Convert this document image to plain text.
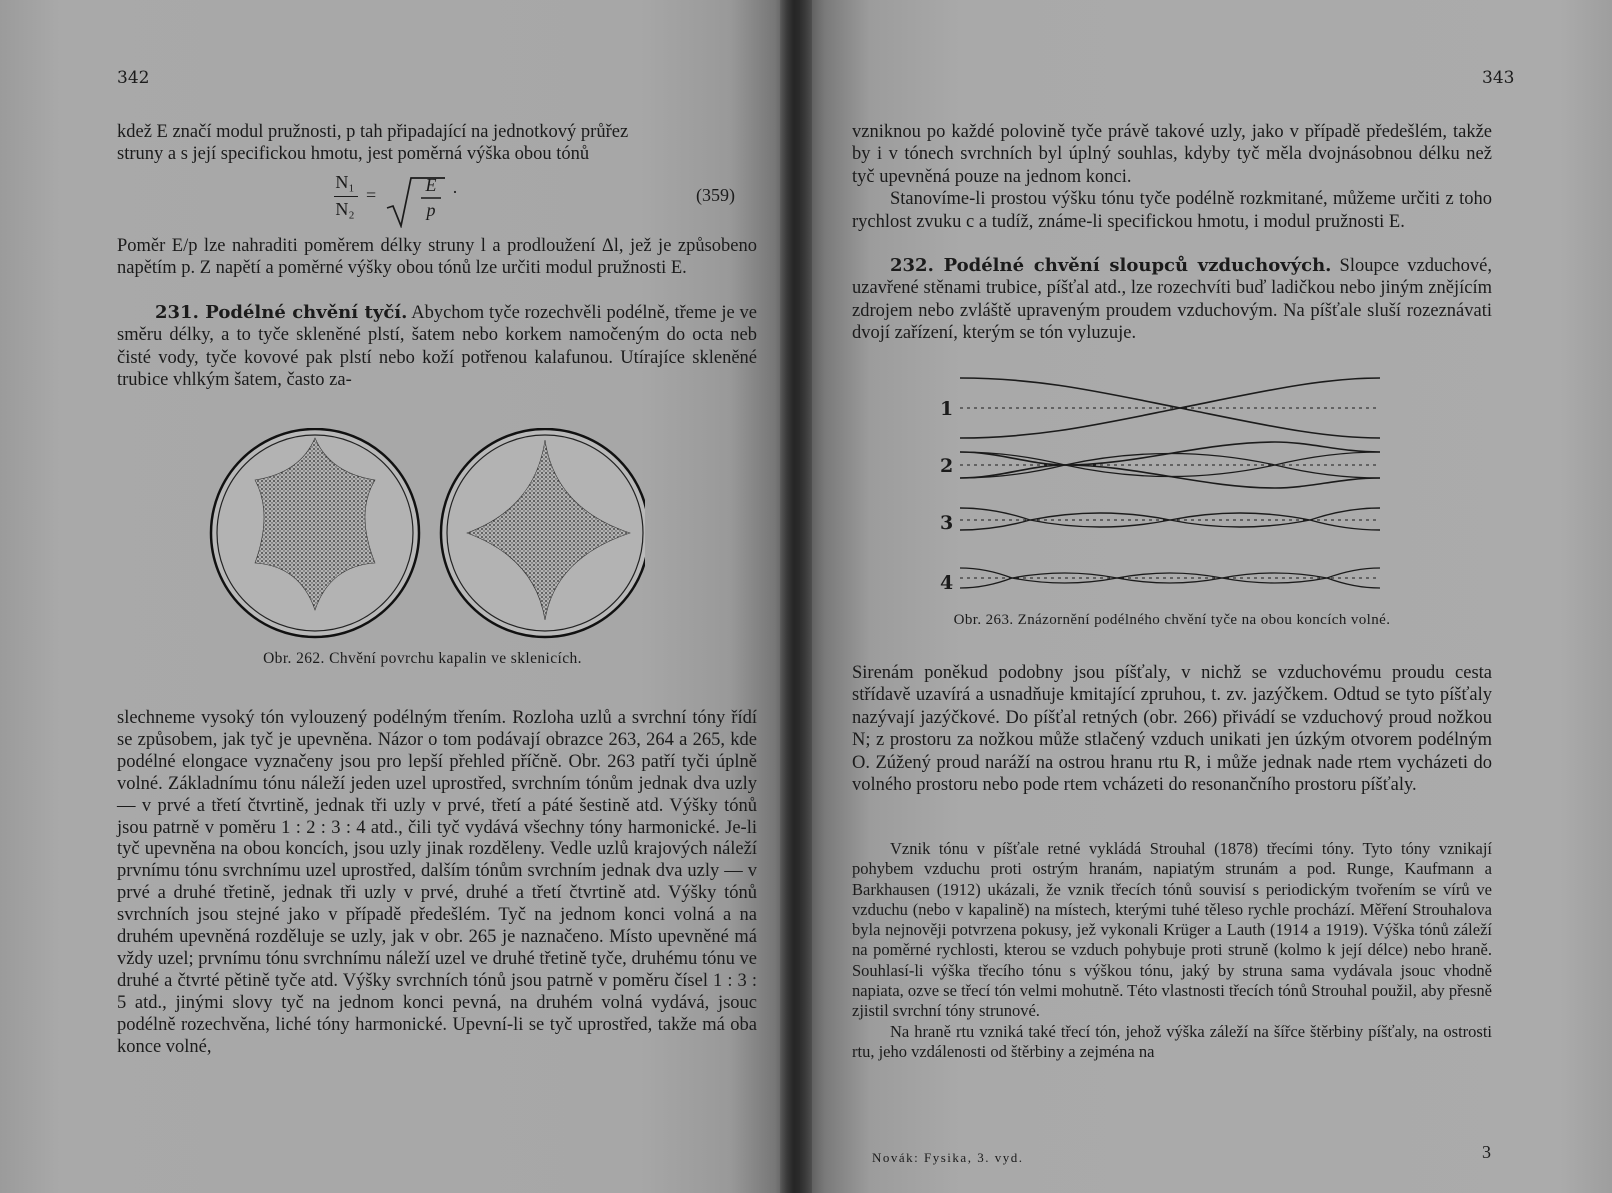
342

kdež E značí modul pružnosti, p tah připadající na jednotkový průřez

struny a s její specifickou hmotu, jest poměrná výška obou tónů

N₁
N₂
=	E
p
·	(359)

Poměr E/p lze nahraditi poměrem délky struny l a prodloužení Δl, jež je způsobeno napětím p. Z napětí a poměrné výšky obou tónů lze určiti modul pružnosti E.

231. Podélné chvění tyčí. Abychom tyče rozechvěli podélně, třeme je ve směru délky, a to tyče skleněné plstí, šatem nebo korkem namočeným do octa neb čisté vody, tyče kovové pak plstí nebo koží potřenou kalafunou. Utírajíce skleněné trubice vhlkým šatem, často za-

Obr. 262. Chvění povrchu kapalin ve sklenicích.

slechneme vysoký tón vylouzený podélným třením. Rozloha uzlů a svrchní tóny řídí se způsobem, jak tyč je upevněna. Názor o tom podávají obrazce 263, 264 a 265, kde podélné elongace vyznačeny jsou pro lepší přehled příčně. Obr. 263 patří tyči úplně volné. Základnímu tónu náleží jeden uzel uprostřed, svrchním tónům jednak dva uzly — v prvé a třetí čtvrtině, jednak tři uzly v prvé, třetí a páté šestině atd. Výšky tónů jsou patrně v poměru 1 : 2 : 3 : 4 atd., čili tyč vydává všechny tóny harmonické. Je-li tyč upevněna na obou koncích, jsou uzly jinak rozděleny. Vedle uzlů krajových náleží prvnímu tónu svrchnímu uzel uprostřed, dalším tónům svrchním jednak dva uzly — v prvé a druhé třetině, jednak tři uzly v prvé, druhé a třetí čtvrtině atd. Výšky tónů svrchních jsou stejné jako v případě předešlém. Tyč na jednom konci volná a na druhém upevněná rozděluje se uzly, jak v obr. 265 je naznačeno. Místo upevněné má vždy uzel; prvnímu tónu svrchnímu náleží uzel ve druhé třetině tyče, druhému tónu ve druhé a čtvrté pětině tyče atd. Výšky svrchních tónů jsou patrně v poměru čísel 1 : 3 : 5 atd., jinými slovy tyč na jednom konci pevná, na druhém volná vydává, jsouc podélně rozechvěna, liché tóny harmonické. Upevní-li se tyč uprostřed, takže má oba konce volné,

343

vzniknou po každé polovině tyče právě takové uzly, jako v případě předešlém, takže by i v tónech svrchních byl úplný souhlas, kdyby tyč měla dvojnásobnou délku než tyč upevněná pouze na jednom konci.

Stanovíme-li prostou výšku tónu tyče podélně rozkmitané, můžeme určiti z toho rychlost zvuku c a tudíž, známe-li specifickou hmotu, i modul pružnosti E.

232. Podélné chvění sloupců vzduchových. Sloupce vzduchové, uzavřené stěnami trubice, píšťal atd., lze rozechvíti buď ladičkou nebo jiným znějícím zdrojem nebo zvláště upraveným proudem vzduchovým. Na píšťale sluší rozeznávati dvojí zařízení, kterým se tón vyluzuje.

1
2
3
4
Obr. 263. Znázornění podélného chvění tyče na obou koncích volné.

Sirenám poněkud podobny jsou píšťaly, v nichž se vzduchovému proudu cesta střídavě uzavírá a usnadňuje kmitající zpruhou, t. zv. jazýčkem. Odtud se tyto píšťaly nazývají jazýčkové. Do píšťal retných (obr. 266) přivádí se vzduchový proud nožkou N; z prostoru za nožkou může stlačený vzduch unikati jen úzkým otvorem podélným O. Zúžený proud naráží na ostrou hranu rtu R, i může jednak nade rtem vycházeti do volného prostoru nebo pode rtem vcházeti do resonančního prostoru píšťaly.

Vznik tónu v píšťale retné vykládá Strouhal (1878) třecími tóny. Tyto tóny vznikají pohybem vzduchu proti ostrým hranám, napiatým strunám a pod. Runge, Kaufmann a Barkhausen (1912) ukázali, že vznik třecích tónů souvisí s periodickým tvořením se vírů ve vzduchu (nebo v kapalině) na místech, kterými tuhé těleso rychle prochází. Měření Strouhalova byla nejnověji potvrzena pokusy, jež vykonali Krüger a Lauth (1914 a 1919). Výška tónů záleží na poměrné rychlosti, kterou se vzduch pohybuje proti struně (kolmo k její délce) nebo hraně. Souhlasí-li výška třecího tónu s výškou tónu, jaký by struna sama vydávala jsouc vhodně napiata, ozve se třecí tón velmi mohutně. Této vlastnosti třecích tónů Strouhal použil, aby přesně zjistil svrchní tóny strunové.

Na hraně rtu vzniká také třecí tón, jehož výška záleží na šířce štěrbiny píšťaly, na ostrosti rtu, jeho vzdálenosti od štěrbiny a zejména na

Novák: Fysika, 3. vyd.	3
